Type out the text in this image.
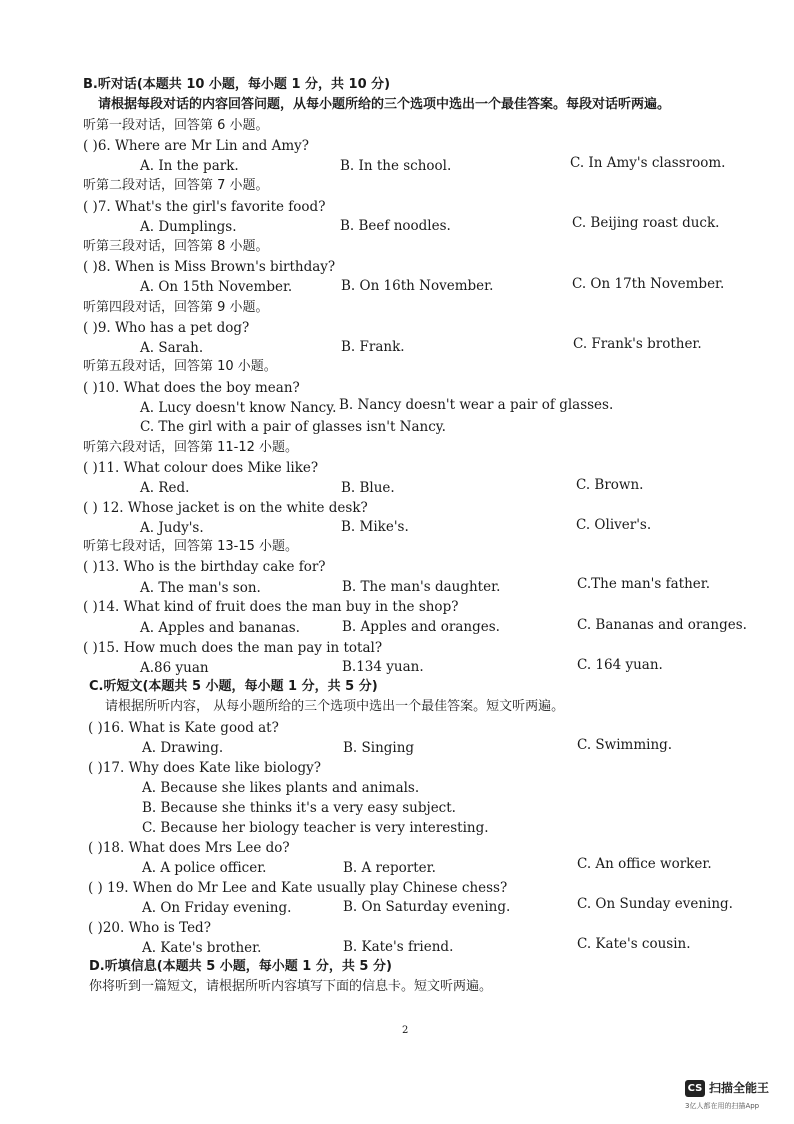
B.听对话(本题共 10 小题，每小题 1 分，共 10 分)
请根据每段对话的内容回答问题，从每小题所给的三个选项中选出一个最佳答案。每段对话听两遍。
听第一段对话，回答第 6 小题。
( )6. Where are Mr Lin and Amy?
A. In the park.	B. In the school.	C. In Amy's classroom.
听第二段对话，回答第 7 小题。
( )7. What's the girl's favorite food?
A. Dumplings.	B. Beef noodles.	C. Beijing roast duck.
听第三段对话，回答第 8 小题。
( )8. When is Miss Brown's birthday?
A. On 15th November.	B. On 16th November.	C. On 17th November.
听第四段对话，回答第 9 小题。
( )9. Who has a pet dog?
A. Sarah.	B. Frank.	C. Frank's brother.
听第五段对话，回答第 10 小题。
( )10. What does the boy mean?
A. Lucy doesn't know Nancy. B. Nancy doesn't wear a pair of glasses.
C. The girl with a pair of glasses isn't Nancy.
听第六段对话，回答第 11-12 小题。
( )11. What colour does Mike like?
A. Red.	B. Blue.	C. Brown.
( ) 12. Whose jacket is on the white desk?
A. Judy's.	B. Mike's.	C. Oliver's.
听第七段对话，回答第 13-15 小题。
( )13. Who is the birthday cake for?
A. The man's son.	B. The man's daughter.	C.The man's father.
( )14. What kind of fruit does the man buy in the shop?
A. Apples and bananas.	B. Apples and oranges.	C. Bananas and oranges.
( )15. How much does the man pay in total?
A.86 yuan	B.134 yuan.	C. 164 yuan.
C.听短文(本题共 5 小题，每小题 1 分，共 5 分)
请根据所听内容， 从每小题所给的三个选项中选出一个最佳答案。短文听两遍。
( )16. What is Kate good at?
A. Drawing.	B. Singing	C. Swimming.
( )17. Why does Kate like biology?
A. Because she likes plants and animals.
B. Because she thinks it's a very easy subject.
C. Because her biology teacher is very interesting.
( )18. What does Mrs Lee do?
A. A police officer.	B. A reporter.	C. An office worker.
( ) 19. When do Mr Lee and Kate usually play Chinese chess?
A. On Friday evening.	B. On Saturday evening.	C. On Sunday evening.
( )20. Who is Ted?
A. Kate's brother.	B. Kate's friend.	C. Kate's cousin.
D.听填信息(本题共 5 小题，每小题 1 分，共 5 分)
你将听到一篇短文，请根据所听内容填写下面的信息卡。短文听两遍。
2
CS 扫描全能王
3亿人都在用的扫描App
